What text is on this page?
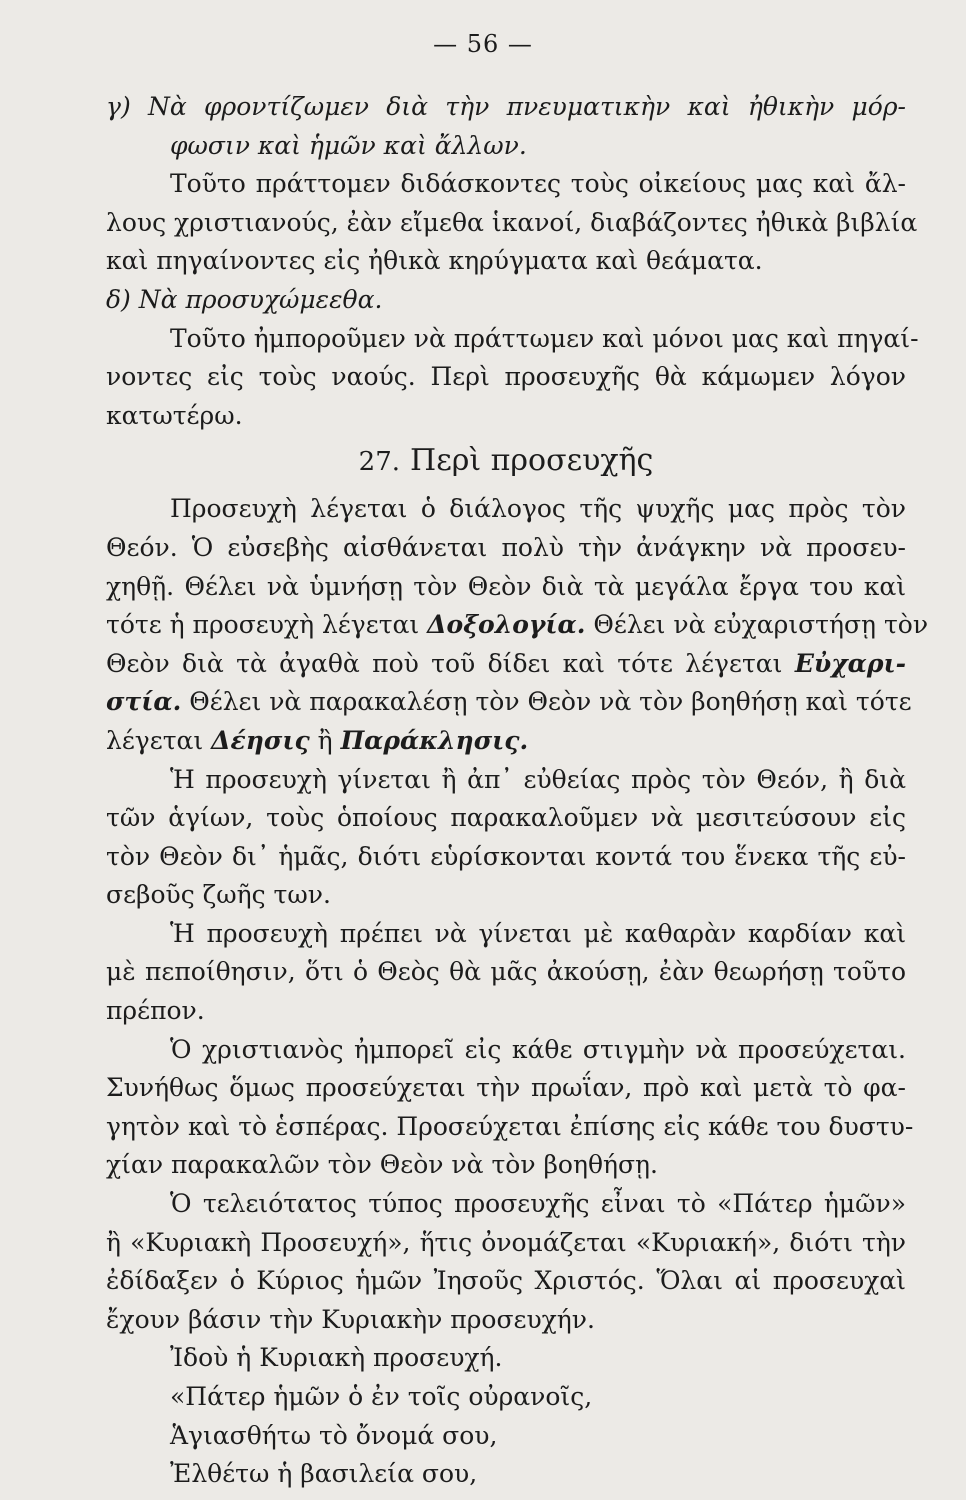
— 56 —
γ) Νὰ φροντίζωμεν διὰ τὴν πνευματικὴν καὶ ἠθικὴν μόρ-
φωσιν καὶ ἡμῶν καὶ ἄλλων.
Τοῦτο πράττομεν διδάσκοντες τοὺς οἰκείους μας καὶ ἄλ-
λους χριστιανούς, ἐὰν εἴμεθα ἱκανοί, διαβάζοντες ἠθικὰ βιβλία
καὶ πηγαίνοντες εἰς ἠθικὰ κηρύγματα καὶ θεάματα.
δ) Νὰ προσυχώμεεθα.
Τοῦτο ἠμποροῦμεν νὰ πράττωμεν καὶ μόνοι μας καὶ πηγαί-
νοντες εἰς τοὺς ναούς. Περὶ προσευχῆς θὰ κάμωμεν λόγον
κατωτέρω.
27. Περὶ προσευχῆς
Προσευχὴ λέγεται ὁ διάλογος τῆς ψυχῆς μας πρὸς τὸν
Θεόν. Ὁ εὐσεβὴς αἰσθάνεται πολὺ τὴν ἀνάγκην νὰ προσευ-
χηθῇ. Θέλει νὰ ὑμνήσῃ τὸν Θεὸν διὰ τὰ μεγάλα ἔργα του καὶ
τότε ἡ προσευχὴ λέγεται Δοξολογία. Θέλει νὰ εὐχαριστήσῃ τὸν
Θεὸν διὰ τὰ ἀγαθὰ ποὺ τοῦ δίδει καὶ τότε λέγεται Εὐχαρι-
στία. Θέλει νὰ παρακαλέσῃ τὸν Θεὸν νὰ τὸν βοηθήσῃ καὶ τότε
λέγεται Δέησις ἢ Παράκλησις.
Ἡ προσευχὴ γίνεται ἢ ἀπ᾽ εὐθείας πρὸς τὸν Θεόν, ἢ διὰ
τῶν ἁγίων, τοὺς ὁποίους παρακαλοῦμεν νὰ μεσιτεύσουν εἰς
τὸν Θεὸν δι᾽ ἡμᾶς, διότι εὑρίσκονται κοντά του ἕνεκα τῆς εὐ-
σεβοῦς ζωῆς των.
Ἡ προσευχὴ πρέπει νὰ γίνεται μὲ καθαρὰν καρδίαν καὶ
μὲ πεποίθησιν, ὅτι ὁ Θεὸς θὰ μᾶς ἀκούσῃ, ἐὰν θεωρήσῃ τοῦτο
πρέπον.
Ὁ χριστιανὸς ἠμπορεῖ εἰς κάθε στιγμὴν νὰ προσεύχεται.
Συνήθως ὅμως προσεύχεται τὴν πρωΐαν, πρὸ καὶ μετὰ τὸ φα-
γητὸν καὶ τὸ ἑσπέρας. Προσεύχεται ἐπίσης εἰς κάθε του δυστυ-
χίαν παρακαλῶν τὸν Θεὸν νὰ τὸν βοηθήσῃ.
Ὁ τελειότατος τύπος προσευχῆς εἶναι τὸ «Πάτερ ἡμῶν»
ἢ «Κυριακὴ Προσευχή», ἥτις ὀνομάζεται «Κυριακή», διότι τὴν
ἐδίδαξεν ὁ Κύριος ἡμῶν Ἰησοῦς Χριστός. Ὅλαι αἱ προσευχαὶ
ἔχουν βάσιν τὴν Κυριακὴν προσευχήν.
Ἰδοὺ ἡ Κυριακὴ προσευχή.
«Πάτερ ἡμῶν ὁ ἐν τοῖς οὐρανοῖς,
Ἁγιασθήτω τὸ ὄνομά σου,
Ἐλθέτω ἡ βασιλεία σου,
